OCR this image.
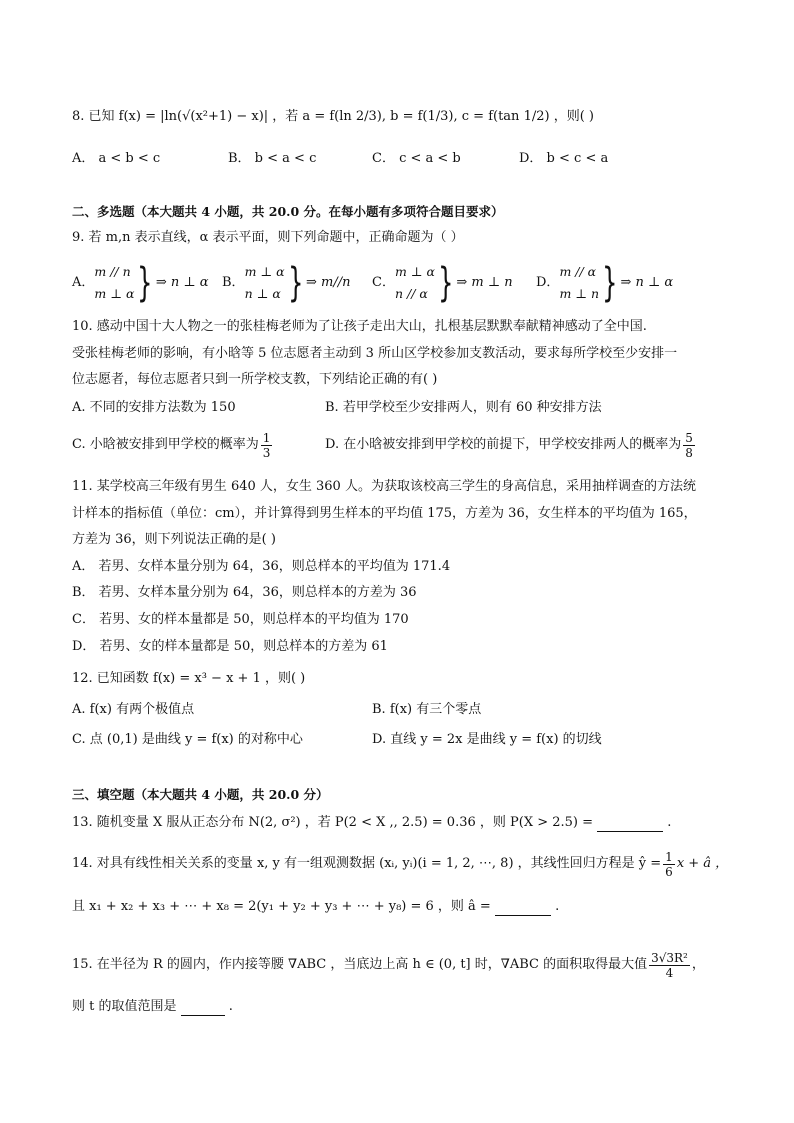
8. 已知 f(x) = |ln(√(x²+1) − x)| ，若 a = f(ln 2/3), b = f(1/3), c = f(tan 1/2) ，则( )
A． a < b < c	B． b < a < c	C． c < a < b	D． b < c < a
二、多选题（本大题共 4 小题，共 20.0 分。在每小题有多项符合题目要求）
9. 若 m,n 表示直线，α 表示平面，则下列命题中，正确命题为（ ）
A．
m // n
m ⊥ α } ⇒ n ⊥ α B．
m ⊥ α
n ⊥ α } ⇒ m//n C．
m ⊥ α
n // α } ⇒ m ⊥ n D．
m // α
m ⊥ n } ⇒ n ⊥ α
10. 感动中国十大人物之一的张桂梅老师为了让孩子走出大山，扎根基层默默奉献精神感动了全中国.
受张桂梅老师的影响，有小晗等 5 位志愿者主动到 3 所山区学校参加支教活动，要求每所学校至少安排一
位志愿者，每位志愿者只到一所学校支教，下列结论正确的有( )
A. 不同的安排方法数为 150	B. 若甲学校至少安排两人，则有 60 种安排方法
C. 小晗被安排到甲学校的概率为 $\frac{1}{3}$	D. 在小晗被安排到甲学校的前提下，甲学校安排两人的概率为 $\frac{5}{8}$
11. 某学校高三年级有男生 640 人，女生 360 人。为获取该校高三学生的身高信息，采用抽样调查的方法统
计样本的指标值（单位：cm），并计算得到男生样本的平均值 175，方差为 36，女生样本的平均值为 165，
方差为 36，则下列说法正确的是( )
A． 若男、女样本量分别为 64，36，则总样本的平均值为 171.4
B． 若男、女样本量分别为 64，36，则总样本的方差为 36
C． 若男、女的样本量都是 50，则总样本的平均值为 170
D． 若男、女的样本量都是 50，则总样本的方差为 61
12. 已知函数 f(x) = x³ − x + 1 ，则( )
A. f(x) 有两个极值点	B. f(x) 有三个零点
C. 点 (0,1) 是曲线 y = f(x) 的对称中心	D. 直线 y = 2x 是曲线 y = f(x) 的切线
三、填空题（本大题共 4 小题，共 20.0 分）
13. 随机变量 X 服从正态分布 N(2, σ²) ，若 P(2 < X ,, 2.5) = 0.36 ，则 P(X > 2.5) =	.
14. 对具有线性相关关系的变量 x, y 有一组观测数据 (xᵢ, yᵢ)(i = 1, 2, ⋯, 8) ，其线性回归方程是 ŷ = $\frac{1}{6}$ x + â ，
且 x₁ + x₂ + x₃ + ⋯ + x₈ = 2(y₁ + y₂ + y₃ + ⋯ + y₈) = 6 ，则 â =	.
15. 在半径为 R 的圆内，作内接等腰 ∇ABC ，当底边上高 h ∈ (0, t] 时，∇ABC 的面积取得最大值 $\frac{\text{3√3R²}}{4}$ ，
则 t 的取值范围是	.
